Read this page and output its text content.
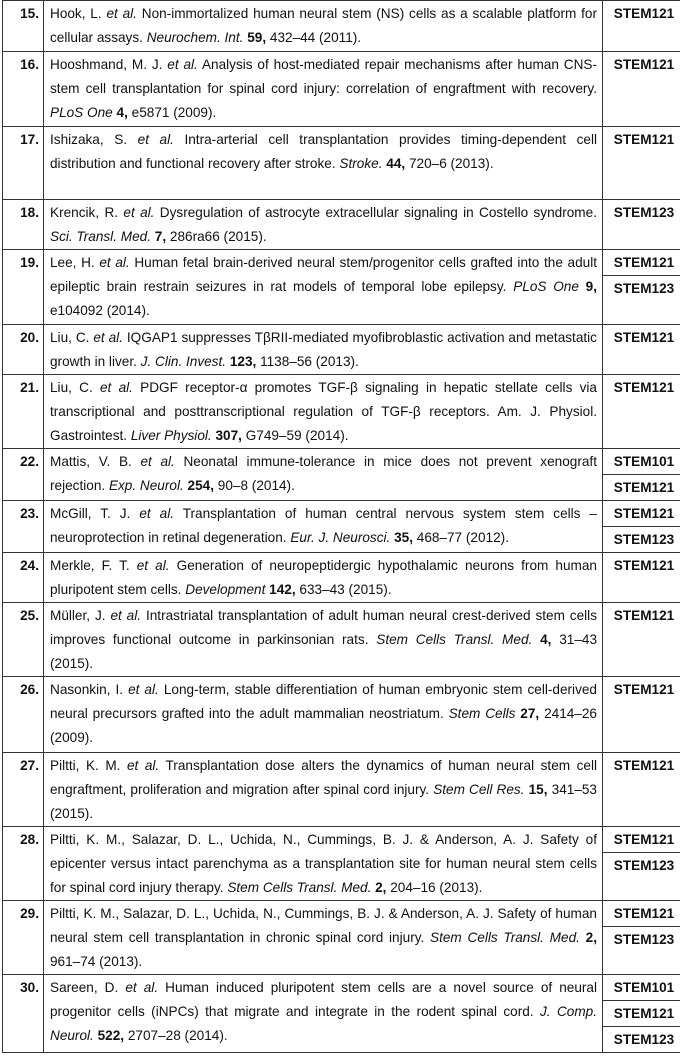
15.	Hook, L. et al. Non-immortalized human neural stem (NS) cells as a scalable platform for cellular assays. Neurochem. Int. 59, 432–44 (2011).	STEM121

16.	Hooshmand, M. J. et al. Analysis of host-mediated repair mechanisms after human CNS-stem cell transplantation for spinal cord injury: correlation of engraftment with recovery. PLoS One 4, e5871 (2009).	STEM121

17.	Ishizaka, S. et al. Intra-arterial cell transplantation provides timing-dependent cell distribution and functional recovery after stroke. Stroke. 44, 720–6 (2013).	STEM121

18.	Krencik, R. et al. Dysregulation of astrocyte extracellular signaling in Costello syndrome. Sci. Transl. Med. 7, 286ra66 (2015).	STEM123

19.	Lee, H. et al. Human fetal brain-derived neural stem/progenitor cells grafted into the adult epileptic brain restrain seizures in rat models of temporal lobe epilepsy. PLoS One 9, e104092 (2014).	STEM121
STEM123

20.	Liu, C. et al. IQGAP1 suppresses TβRII-mediated myofibroblastic activation and metastatic growth in liver. J. Clin. Invest. 123, 1138–56 (2013).	STEM121

21.	Liu, C. et al. PDGF receptor-α promotes TGF-β signaling in hepatic stellate cells via transcriptional and posttranscriptional regulation of TGF-β receptors. Am. J. Physiol. Gastrointest. Liver Physiol. 307, G749–59 (2014).	STEM121

22.	Mattis, V. B. et al. Neonatal immune-tolerance in mice does not prevent xenograft rejection. Exp. Neurol. 254, 90–8 (2014).	STEM101
STEM121

23.	McGill, T. J. et al. Transplantation of human central nervous system stem cells – neuroprotection in retinal degeneration. Eur. J. Neurosci. 35, 468–77 (2012).	STEM121
STEM123

24.	Merkle, F. T. et al. Generation of neuropeptidergic hypothalamic neurons from human pluripotent stem cells. Development 142, 633–43 (2015).	STEM121

25.	Müller, J. et al. Intrastriatal transplantation of adult human neural crest-derived stem cells improves functional outcome in parkinsonian rats. Stem Cells Transl. Med. 4, 31–43 (2015).	STEM121

26.	Nasonkin, I. et al. Long-term, stable differentiation of human embryonic stem cell-derived neural precursors grafted into the adult mammalian neostriatum. Stem Cells 27, 2414–26 (2009).	STEM121

27.	Piltti, K. M. et al. Transplantation dose alters the dynamics of human neural stem cell engraftment, proliferation and migration after spinal cord injury. Stem Cell Res. 15, 341–53 (2015).	STEM121

28.	Piltti, K. M., Salazar, D. L., Uchida, N., Cummings, B. J. & Anderson, A. J. Safety of epicenter versus intact parenchyma as a transplantation site for human neural stem cells for spinal cord injury therapy. Stem Cells Transl. Med. 2, 204–16 (2013).	STEM121
STEM123

29.	Piltti, K. M., Salazar, D. L., Uchida, N., Cummings, B. J. & Anderson, A. J. Safety of human neural stem cell transplantation in chronic spinal cord injury. Stem Cells Transl. Med. 2, 961–74 (2013).	STEM121
STEM123

30.	Sareen, D. et al. Human induced pluripotent stem cells are a novel source of neural progenitor cells (iNPCs) that migrate and integrate in the rodent spinal cord. J. Comp. Neurol. 522, 2707–28 (2014).	STEM101
STEM121
STEM123
